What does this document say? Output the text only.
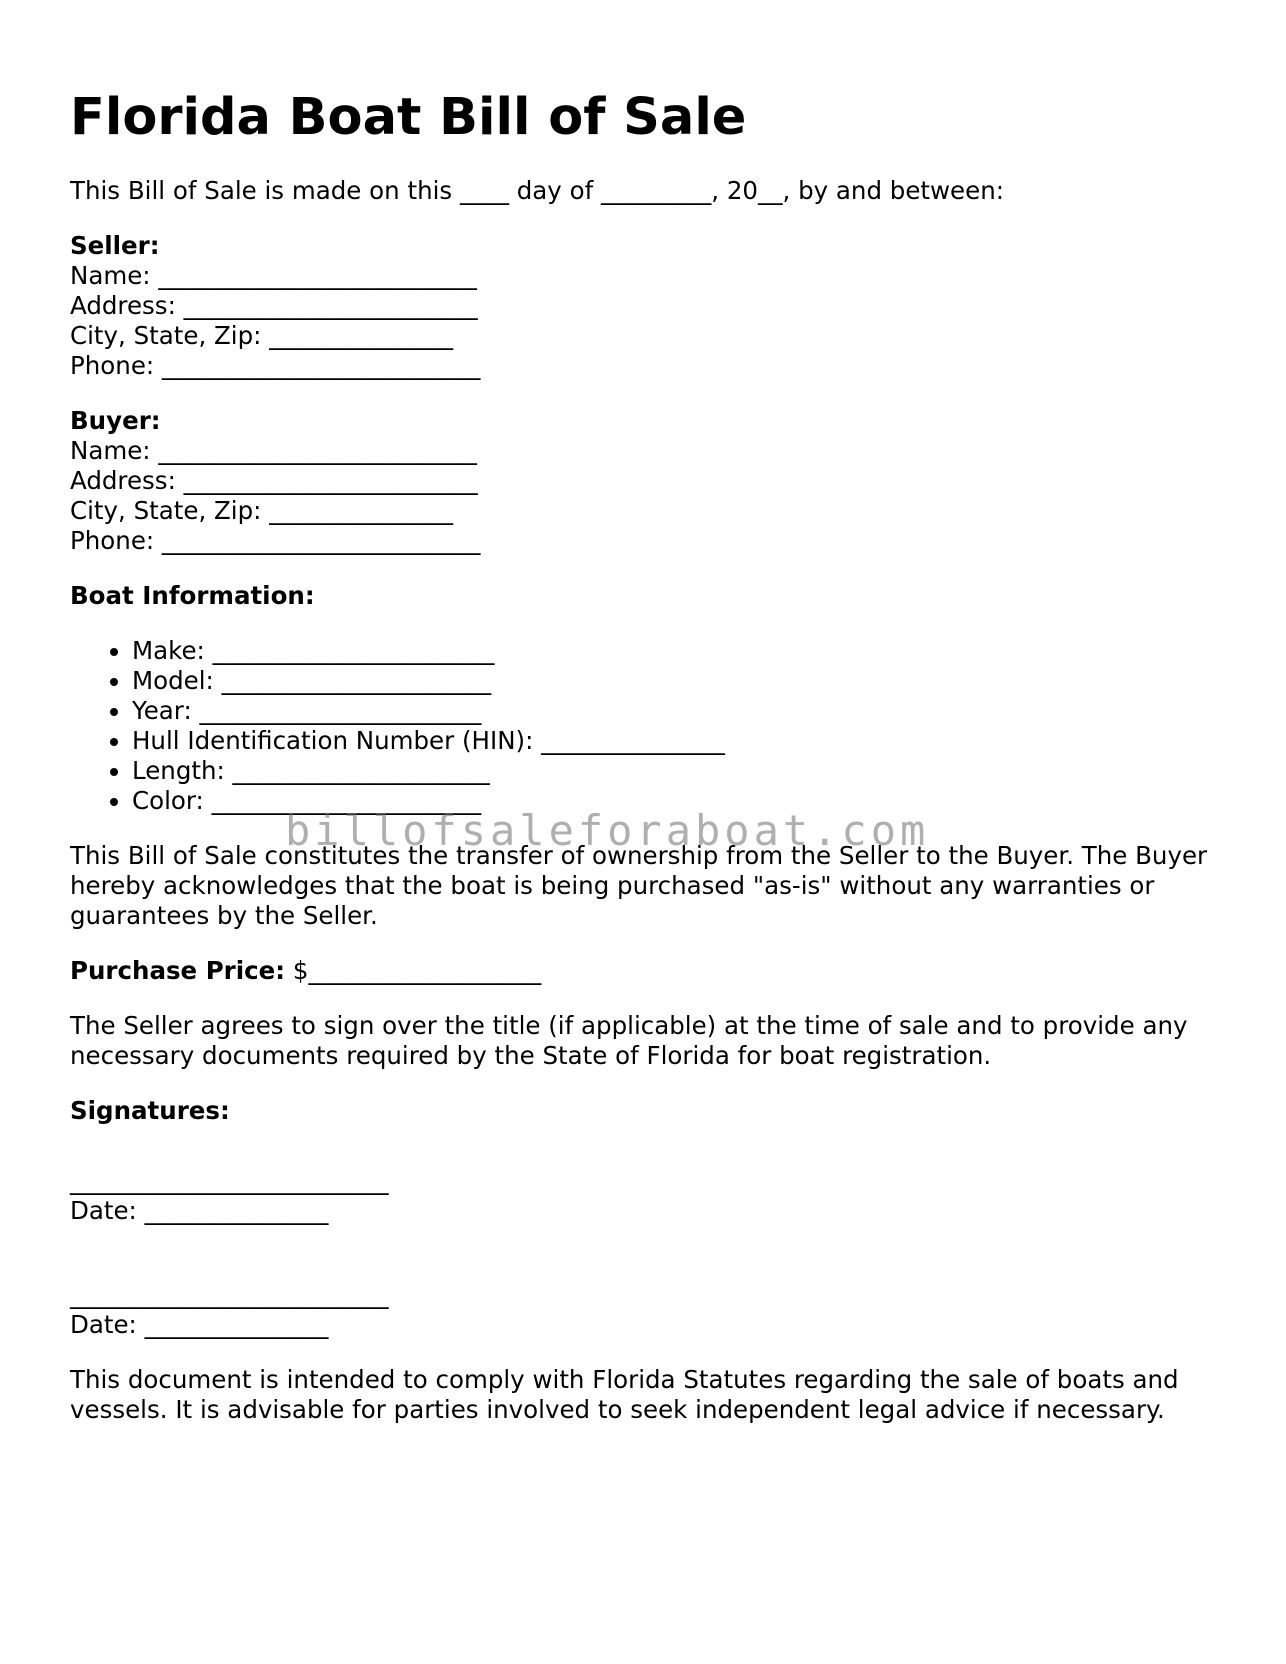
Florida Boat Bill of Sale

This Bill of Sale is made on this ____ day of _________, 20__, by and between:

Seller:
Name: __________________________
Address: ________________________
City, State, Zip: _______________
Phone: __________________________
Buyer:
Name: __________________________
Address: ________________________
City, State, Zip: _______________
Phone: __________________________
Boat Information:
• Make: _______________________
• Model: ______________________
• Year: _______________________
• Hull Identification Number (HIN): _______________
• Length: _____________________
• Color: ______________________

This Bill of Sale constitutes the transfer of ownership from the Seller to the Buyer. The Buyer hereby acknowledges that the boat is being purchased "as-is" without any warranties or guarantees by the Seller.

Purchase Price: $___________________

The Seller agrees to sign over the title (if applicable) at the time of sale and to provide any necessary documents required by the State of Florida for boat registration.

Signatures:
__________________________
Date: _______________
__________________________
Date: _______________

This document is intended to comply with Florida Statutes regarding the sale of boats and vessels. It is advisable for parties involved to seek independent legal advice if necessary.

billofsaleforaboat.com
